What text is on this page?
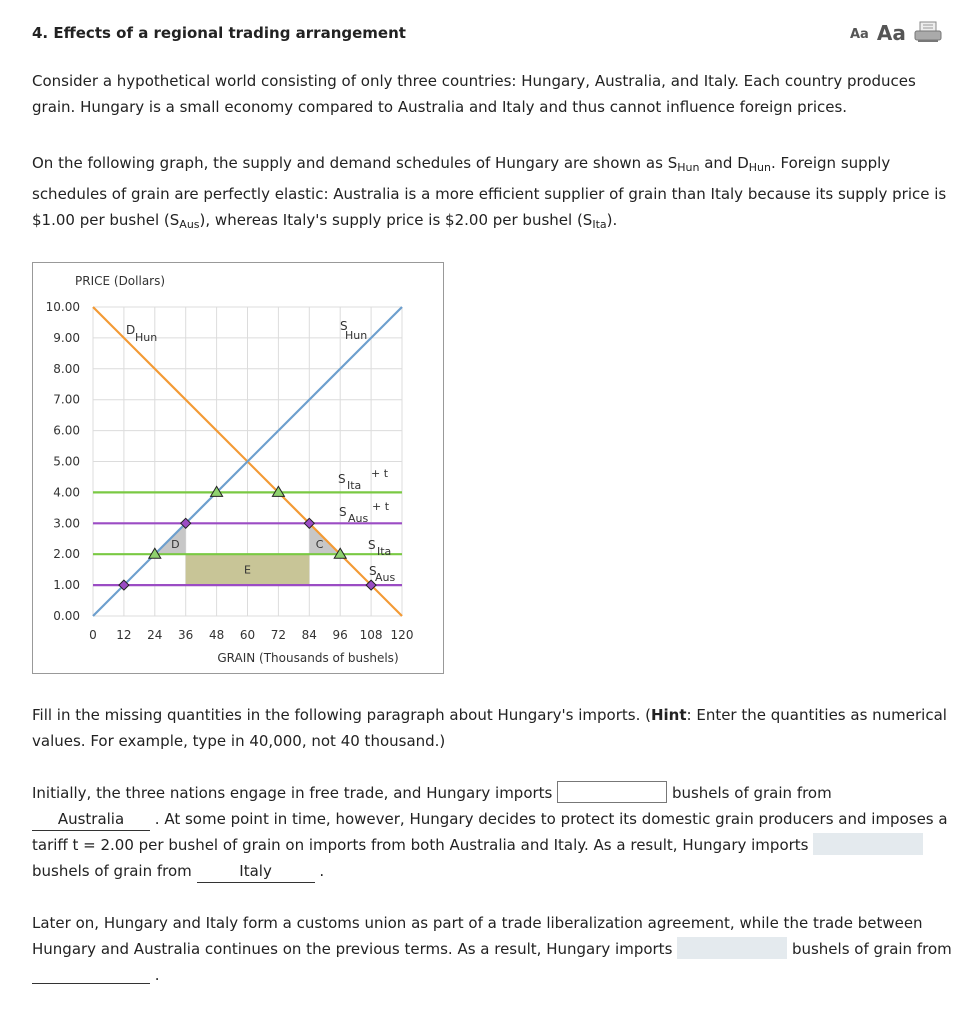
4. Effects of a regional trading arrangement	Aa Aa

Consider a hypothetical world consisting of only three countries: Hungary, Australia, and Italy. Each country produces grain. Hungary is a small economy compared to Australia and Italy and thus cannot influence foreign prices.

On the following graph, the supply and demand schedules of Hungary are shown as $S_{Hun}$ and $D_{Hun}$. Foreign supply schedules of grain are perfectly elastic: Australia is a more efficient supplier of grain than Italy because its supply price is $1.00 per bushel $(S_{Aus})$, whereas Italy's supply price is $2.00 per bushel $(S_{Ita})$.

D
E
C
0.00
1.00
2.00
3.00
4.00
5.00
6.00
7.00
8.00
9.00
10.00
0 12 24 36 48 60 72 84 96 108 120
PRICE (Dollars)
GRAIN (Thousands of bushels)
D
Hun
S
Hun
S Ita
+ t
S Aus
+ t
S Ita
S
Aus

Fill in the missing quantities in the following paragraph about Hungary's imports. (Hint: Enter the quantities as numerical values. For example, type in 40,000, not 40 thousand.)

Initially, the three nations engage in free trade, and Hungary imports	bushels of grain from Australia . At some point in time, however, Hungary decides to protect its domestic grain producers and imposes a tariff t = 2.00 per bushel of grain on imports from both Australia and Italy. As a result, Hungary imports  bushels of grain from	Italy	.

Later on, Hungary and Italy form a customs union as part of a trade liberalization agreement, while the trade between Hungary and Australia continues on the previous terms. As a result, Hungary imports	bushels of grain from  .
